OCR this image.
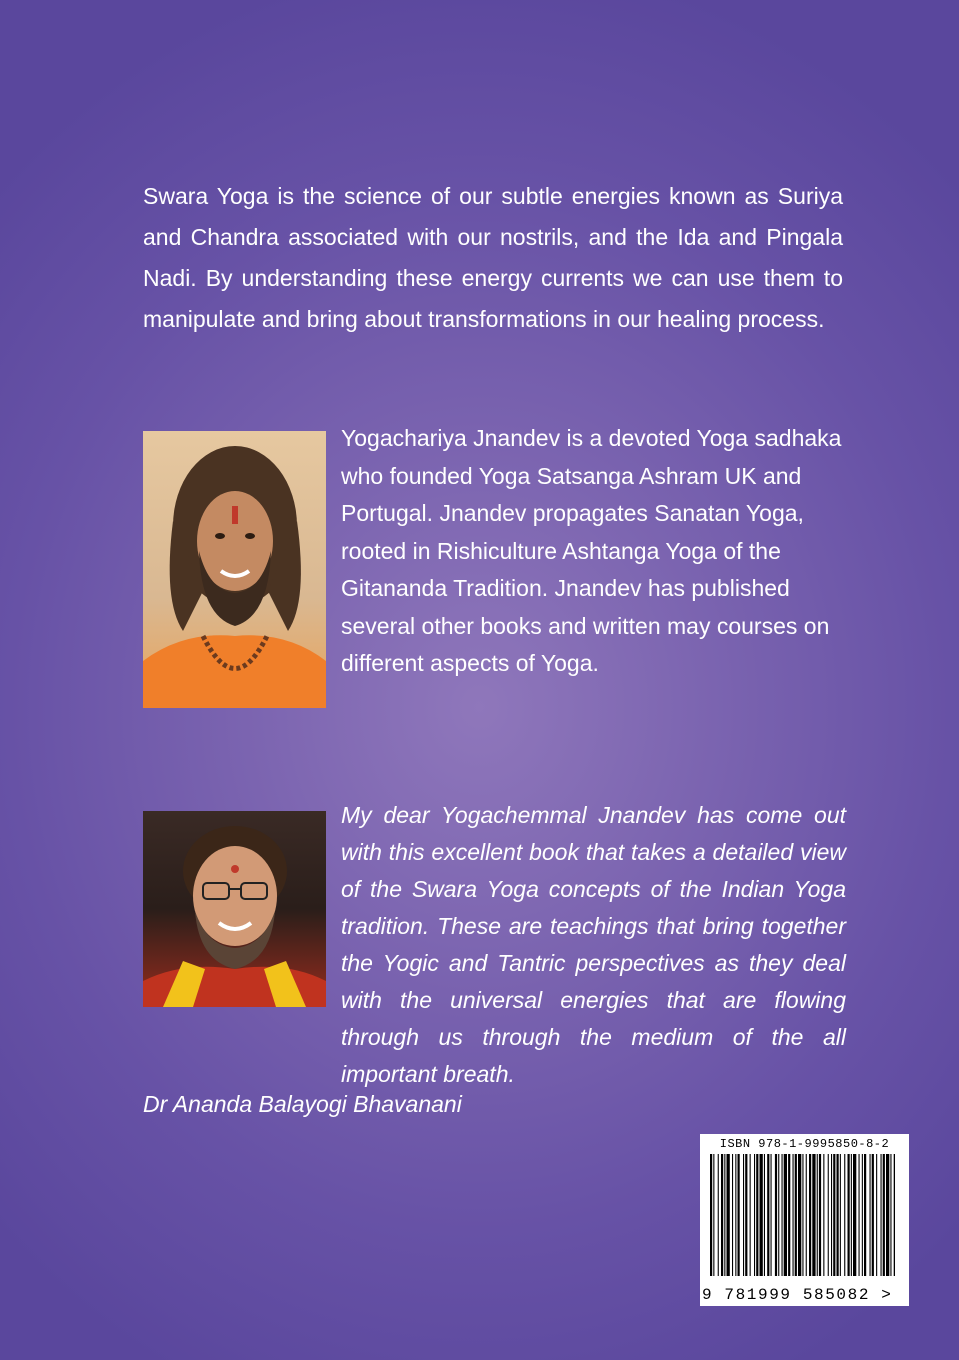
Swara Yoga is the science of our subtle energies known as Suriya and Chandra associated with our nostrils, and the Ida and Pingala Nadi. By understanding these energy currents we can use them to manipulate and bring about transformations in our healing process.

Yogachariya Jnandev is a devoted Yoga sadhaka who founded Yoga Satsanga Ashram UK and Portugal. Jnandev propagates Sanatan Yoga, rooted in Rishiculture Ashtanga Yoga of the Gitananda Tradition. Jnandev has published several other books and written may courses on different aspects of Yoga.

My dear Yogachemmal Jnandev has come out with this excellent book that takes a detailed view of the Swara Yoga concepts of the Indian Yoga tradition. These are teachings that bring together the Yogic and Tantric perspectives as they deal with the universal energies that are flowing through us through the medium of the all important breath.

Dr Ananda Balayogi Bhavanani

ISBN 978-1-9995850-8-2
9 781999 585082 >
